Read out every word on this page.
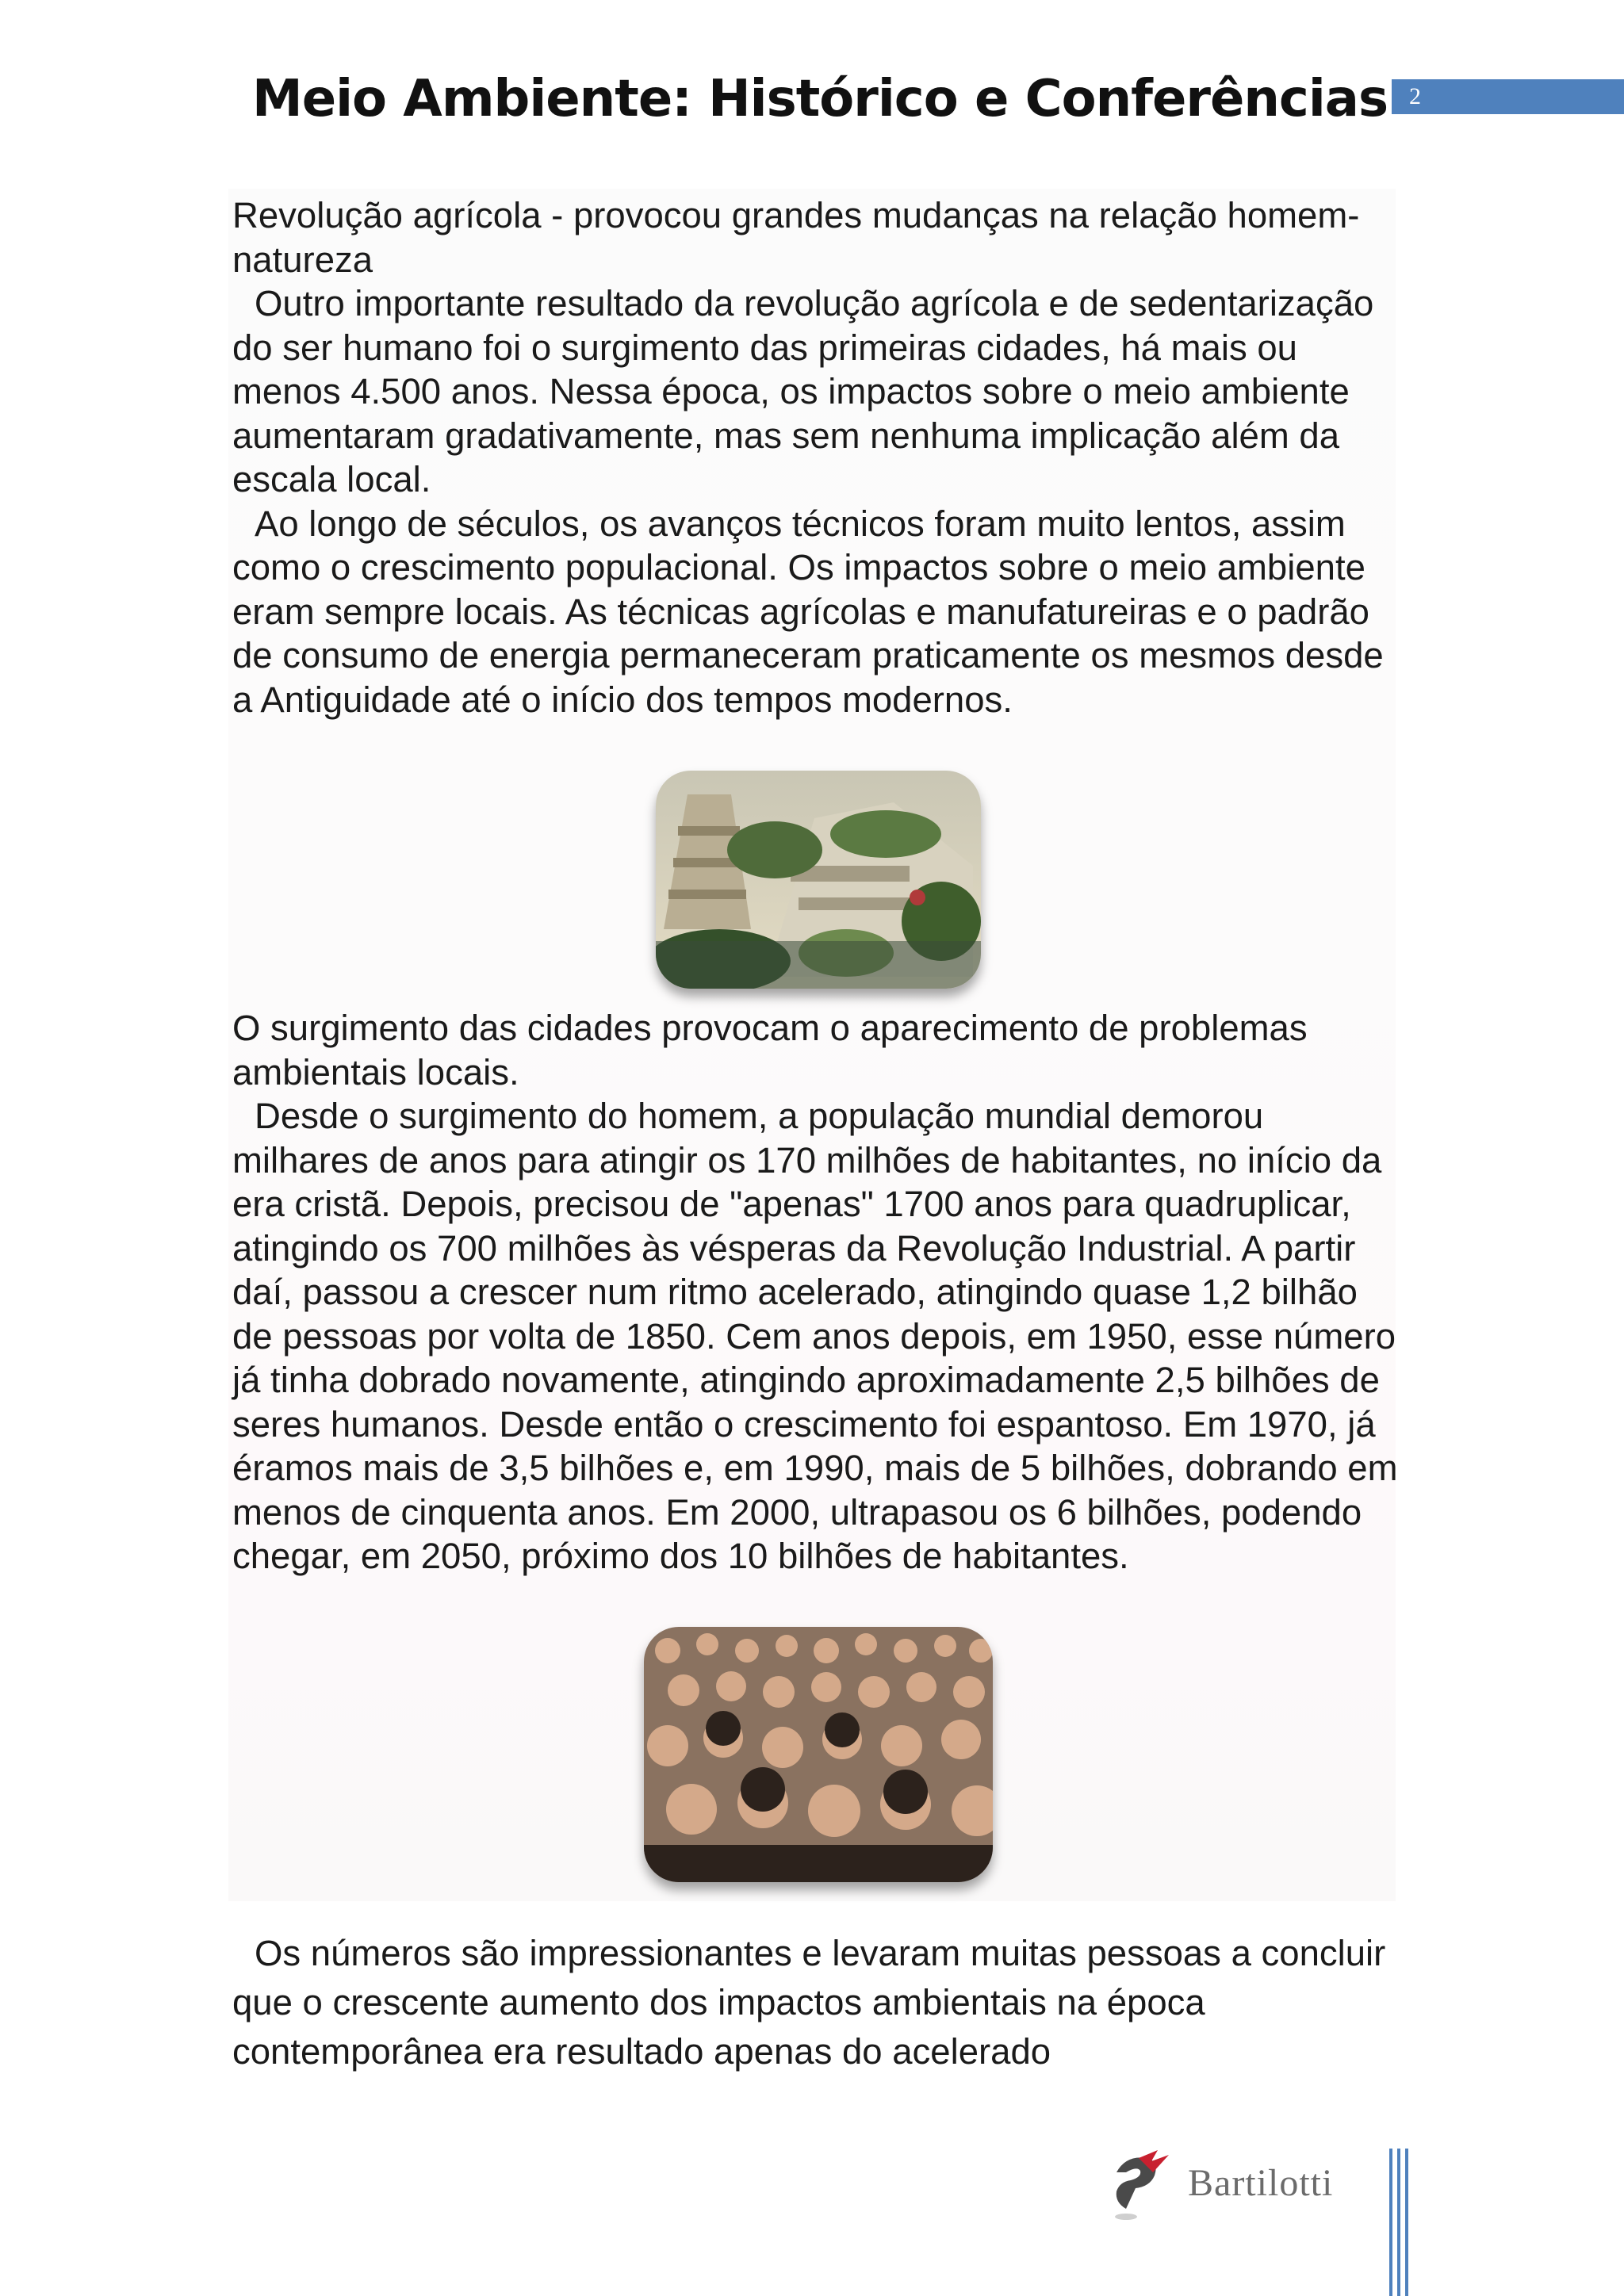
Meio Ambiente: Histórico e Conferências 2

Revolução agrícola - provocou grandes mudanças na relação homem-natureza

Outro importante resultado da revolução agrícola e de sedentarização do ser humano foi o surgimento das primeiras cidades, há mais ou menos 4.500 anos. Nessa época, os impactos sobre o meio ambiente aumentaram gradativamente, mas sem nenhuma implicação além da escala local.

Ao longo de séculos, os avanços técnicos foram muito lentos, assim como o crescimento populacional. Os impactos sobre o meio ambiente eram sempre locais. As técnicas agrícolas e manufatureiras e o padrão de consumo de energia permaneceram praticamente os mesmos desde a Antiguidade até o início dos tempos modernos.

O surgimento das cidades provocam o aparecimento de problemas ambientais locais.

Desde o surgimento do homem, a população mundial demorou milhares de anos para atingir os 170 milhões de habitantes, no início da era cristã. Depois, precisou de "apenas" 1700 anos para quadruplicar, atingindo os 700 milhões às vésperas da Revolução Industrial. A partir daí, passou a crescer num ritmo acelerado, atingindo quase 1,2 bilhão de pessoas por volta de 1850. Cem anos depois, em 1950, esse número já tinha dobrado novamente, atingindo aproximadamente 2,5 bilhões de seres humanos. Desde então o crescimento foi espantoso. Em 1970, já éramos mais de 3,5 bilhões e, em 1990, mais de 5 bilhões, dobrando em menos de cinquenta anos. Em 2000, ultrapasou os 6 bilhões, podendo chegar, em 2050, próximo dos 10 bilhões de habitantes.

Os números são impressionantes e levaram muitas pessoas a concluir que o crescente aumento dos impactos ambientais na época contemporânea era resultado apenas do acelerado

Bartilotti
